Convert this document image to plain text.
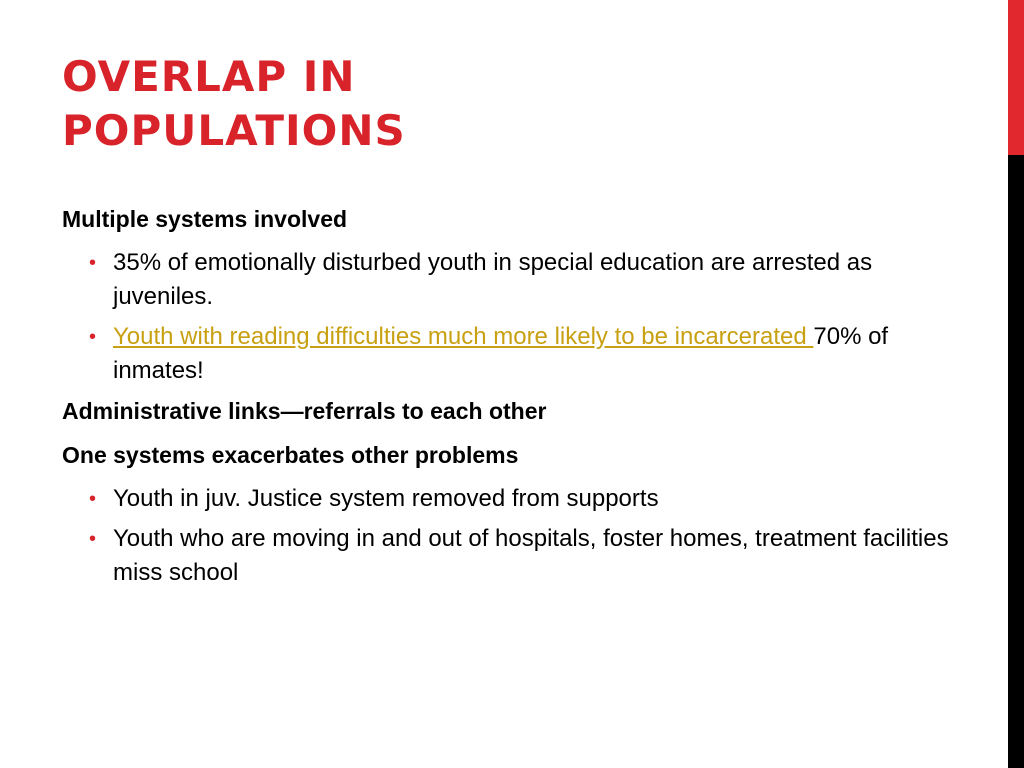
OVERLAP IN
POPULATIONS

Multiple systems involved

• 35% of emotionally disturbed youth in special education are arrested as juveniles.
• Youth with reading difficulties much more likely to be incarcerated 70% of inmates!

Administrative links—referrals to each other

One systems exacerbates other problems

• Youth in juv. Justice system removed from supports
• Youth who are moving in and out of hospitals, foster homes, treatment facilities miss school
